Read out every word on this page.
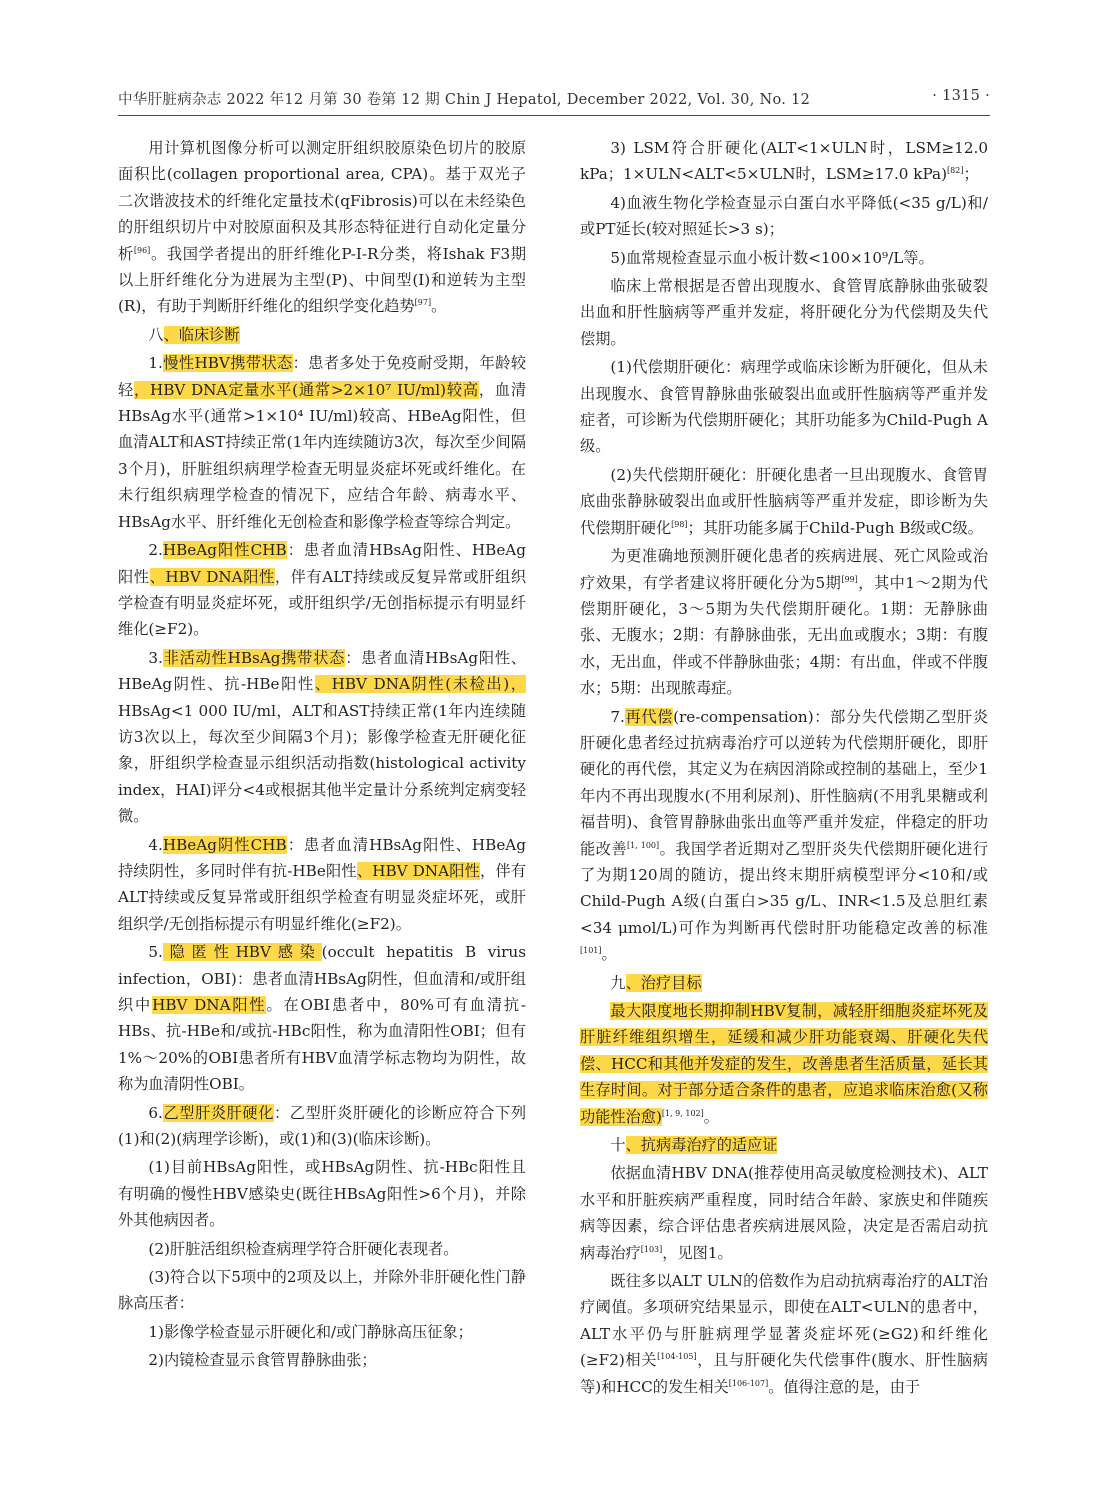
中华肝脏病杂志 2022 年12 月第 30 卷第 12 期 Chin J Hepatol, December 2022, Vol. 30, No. 12	· 1315 ·

用计算机图像分析可以测定肝组织胶原染色切片的胶原面积比(collagen proportional area, CPA)。基于双光子二次谐波技术的纤维化定量技术(qFibrosis)可以在未经染色的肝组织切片中对胶原面积及其形态特征进行自动化定量分析[96]。我国学者提出的肝纤维化P-I-R分类，将Ishak F3期以上肝纤维化分为进展为主型(P)、中间型(I)和逆转为主型(R)，有助于判断肝纤维化的组织学变化趋势[97]。

八、临床诊断

1.慢性HBV携带状态：患者多处于免疫耐受期，年龄较轻，HBV DNA定量水平(通常>2×10⁷ IU/ml)较高，血清HBsAg水平(通常>1×10⁴ IU/ml)较高、HBeAg阳性，但血清ALT和AST持续正常(1年内连续随访3次，每次至少间隔3个月)，肝脏组织病理学检查无明显炎症坏死或纤维化。在未行组织病理学检查的情况下，应结合年龄、病毒水平、HBsAg水平、肝纤维化无创检查和影像学检查等综合判定。

2.HBeAg阳性CHB：患者血清HBsAg阳性、HBeAg阳性、HBV DNA阳性，伴有ALT持续或反复异常或肝组织学检查有明显炎症坏死，或肝组织学/无创指标提示有明显纤维化(≥F2)。

3.非活动性HBsAg携带状态：患者血清HBsAg阳性、HBeAg阴性、抗-HBe阳性、HBV DNA阴性(未检出)，HBsAg<1 000 IU/ml，ALT和AST持续正常(1年内连续随访3次以上，每次至少间隔3个月)；影像学检查无肝硬化征象，肝组织学检查显示组织活动指数(histological activity index，HAI)评分<4或根据其他半定量计分系统判定病变轻微。

4.HBeAg阴性CHB：患者血清HBsAg阳性、HBeAg持续阴性，多同时伴有抗-HBe阳性、HBV DNA阳性，伴有ALT持续或反复异常或肝组织学检查有明显炎症坏死，或肝组织学/无创指标提示有明显纤维化(≥F2)。

5.隐匿性HBV感染(occult hepatitis B virus infection，OBI)：患者血清HBsAg阴性，但血清和/或肝组织中HBV DNA阳性。在OBI患者中，80%可有血清抗-HBs、抗-HBe和/或抗-HBc阳性，称为血清阳性OBI；但有1%～20%的OBI患者所有HBV血清学标志物均为阴性，故称为血清阴性OBI。

6.乙型肝炎肝硬化：乙型肝炎肝硬化的诊断应符合下列(1)和(2)(病理学诊断)，或(1)和(3)(临床诊断)。

(1)目前HBsAg阳性，或HBsAg阴性、抗-HBc阳性且有明确的慢性HBV感染史(既往HBsAg阳性>6个月)，并除外其他病因者。

(2)肝脏活组织检查病理学符合肝硬化表现者。

(3)符合以下5项中的2项及以上，并除外非肝硬化性门静脉高压者：

1)影像学检查显示肝硬化和/或门静脉高压征象；

2)内镜检查显示食管胃静脉曲张；

3) LSM符合肝硬化(ALT<1×ULN时，LSM≥12.0 kPa；1×ULN<ALT<5×ULN时，LSM≥17.0 kPa)[82]；

4)血液生物化学检查显示白蛋白水平降低(<35 g/L)和/或PT延长(较对照延长>3 s)；

5)血常规检查显示血小板计数<100×10⁹/L等。

临床上常根据是否曾出现腹水、食管胃底静脉曲张破裂出血和肝性脑病等严重并发症，将肝硬化分为代偿期及失代偿期。

(1)代偿期肝硬化：病理学或临床诊断为肝硬化，但从未出现腹水、食管胃静脉曲张破裂出血或肝性脑病等严重并发症者，可诊断为代偿期肝硬化；其肝功能多为Child-Pugh A级。

(2)失代偿期肝硬化：肝硬化患者一旦出现腹水、食管胃底曲张静脉破裂出血或肝性脑病等严重并发症，即诊断为失代偿期肝硬化[98]；其肝功能多属于Child-Pugh B级或C级。

为更准确地预测肝硬化患者的疾病进展、死亡风险或治疗效果，有学者建议将肝硬化分为5期[99]，其中1～2期为代偿期肝硬化，3～5期为失代偿期肝硬化。1期：无静脉曲张、无腹水；2期：有静脉曲张，无出血或腹水；3期：有腹水，无出血，伴或不伴静脉曲张；4期：有出血，伴或不伴腹水；5期：出现脓毒症。

7.再代偿(re-compensation)：部分失代偿期乙型肝炎肝硬化患者经过抗病毒治疗可以逆转为代偿期肝硬化，即肝硬化的再代偿，其定义为在病因消除或控制的基础上，至少1年内不再出现腹水(不用利尿剂)、肝性脑病(不用乳果糖或利福昔明)、食管胃静脉曲张出血等严重并发症，伴稳定的肝功能改善[1, 100]。我国学者近期对乙型肝炎失代偿期肝硬化进行了为期120周的随访，提出终末期肝病模型评分<10和/或Child-Pugh A级(白蛋白>35 g/L、INR<1.5及总胆红素<34 μmol/L)可作为判断再代偿时肝功能稳定改善的标准[101]。

九、治疗目标

最大限度地长期抑制HBV复制，减轻肝细胞炎症坏死及肝脏纤维组织增生，延缓和减少肝功能衰竭、肝硬化失代偿、HCC和其他并发症的发生，改善患者生活质量，延长其生存时间。对于部分适合条件的患者，应追求临床治愈(又称功能性治愈)[1, 9, 102]。

十、抗病毒治疗的适应证

依据血清HBV DNA(推荐使用高灵敏度检测技术)、ALT水平和肝脏疾病严重程度，同时结合年龄、家族史和伴随疾病等因素，综合评估患者疾病进展风险，决定是否需启动抗病毒治疗[103]，见图1。

既往多以ALT ULN的倍数作为启动抗病毒治疗的ALT治疗阈值。多项研究结果显示，即使在ALT<ULN的患者中，ALT水平仍与肝脏病理学显著炎症坏死(≥G2)和纤维化(≥F2)相关[104-105]，且与肝硬化失代偿事件(腹水、肝性脑病等)和HCC的发生相关[106-107]。值得注意的是，由于
